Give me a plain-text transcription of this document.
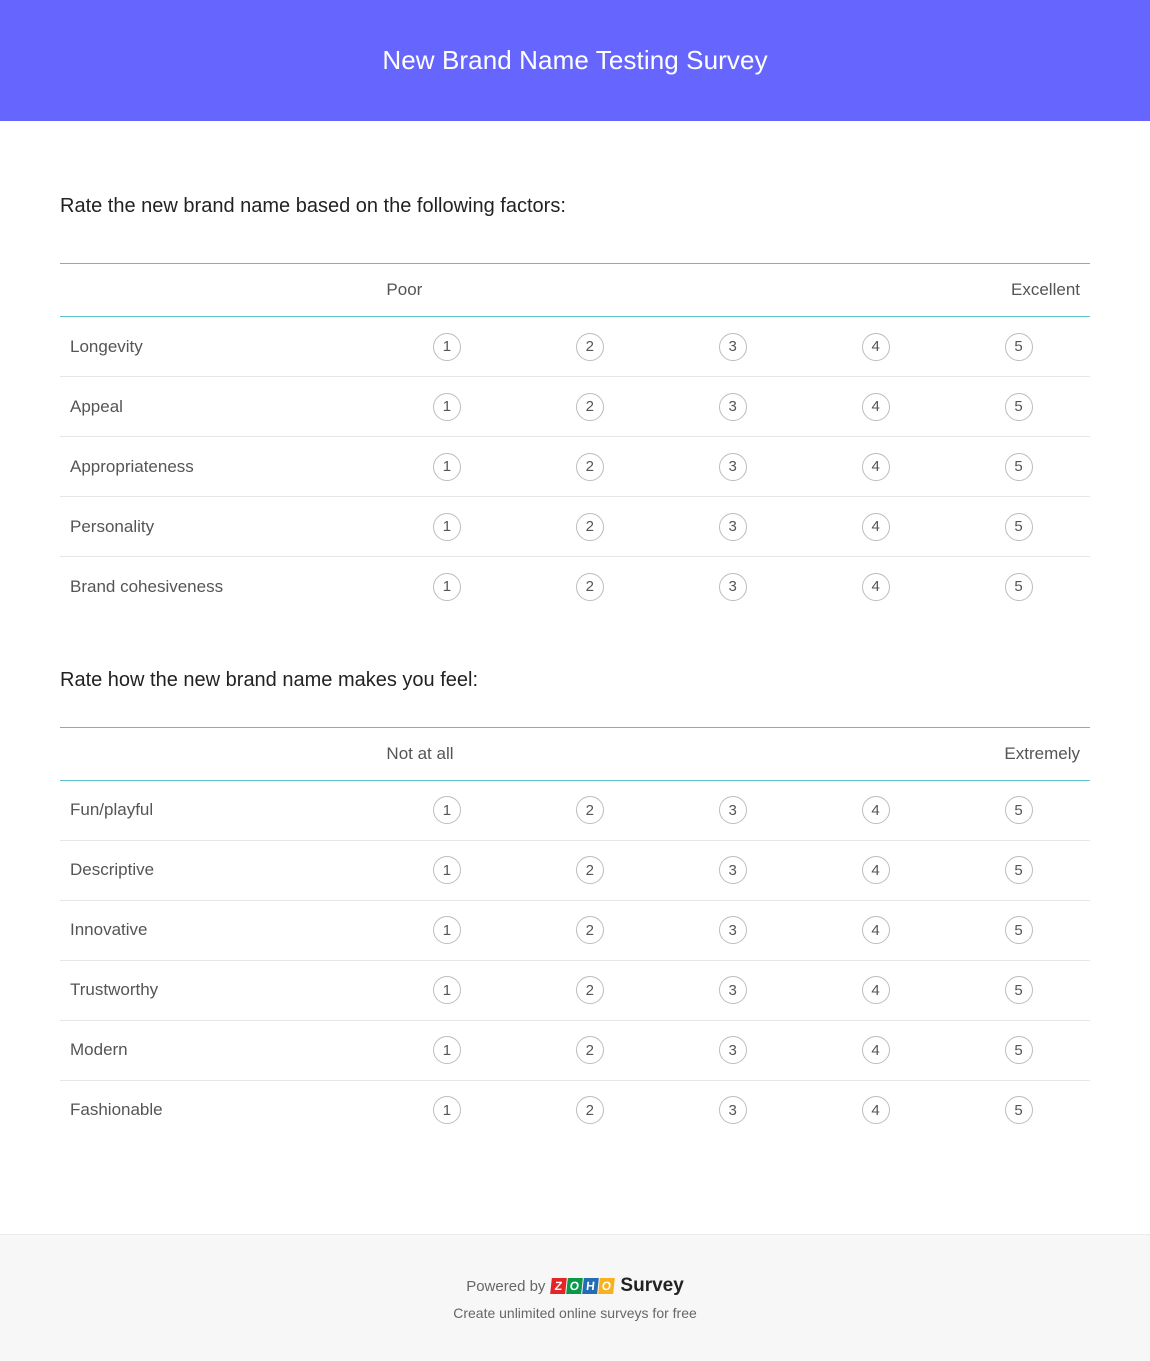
New Brand Name Testing Survey

Rate the new brand name based on the following factors:

	Poor				Excellent
Longevity	1	2	3	4	5
Appeal	1	2	3	4	5
Appropriateness	1	2	3	4	5
Personality	1	2	3	4	5
Brand cohesiveness	1	2	3	4	5

Rate how the new brand name makes you feel:

	Not at all				Extremely
Fun/playful	1	2	3	4	5
Descriptive	1	2	3	4	5
Innovative	1	2	3	4	5
Trustworthy	1	2	3	4	5
Modern	1	2	3	4	5
Fashionable	1	2	3	4	5
Powered by Z O H O Survey
Create unlimited online surveys for free
